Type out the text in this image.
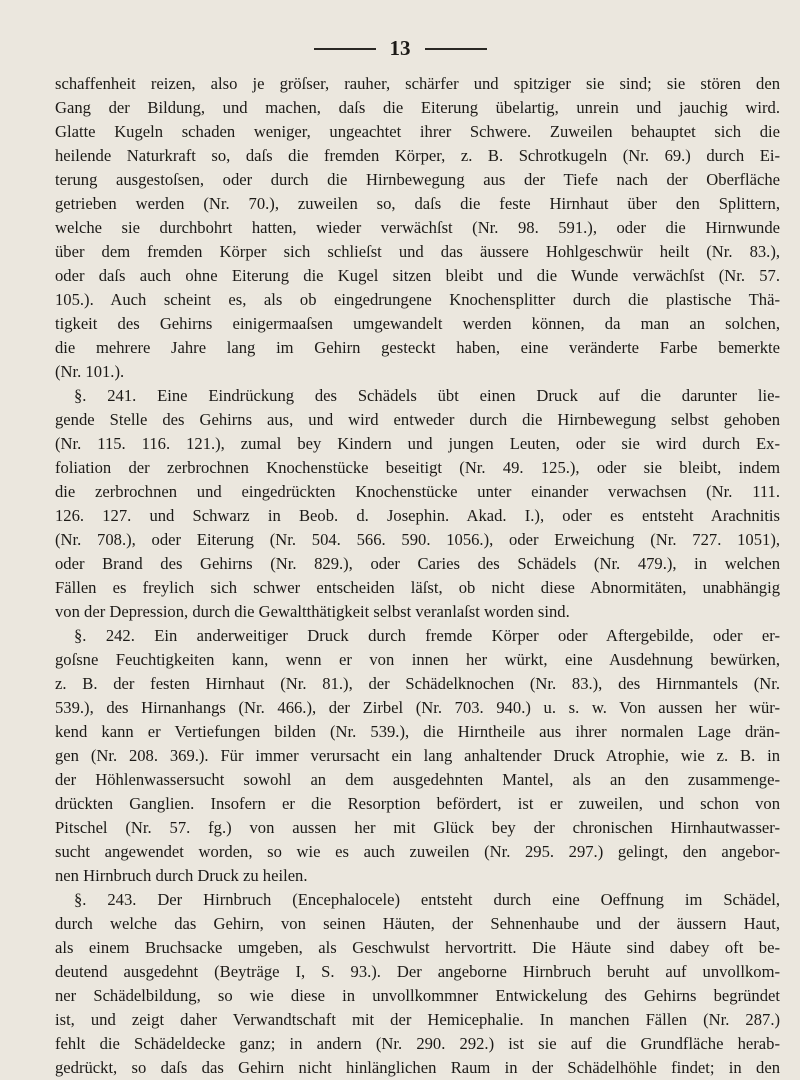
13
schaffenheit reizen, also je gröſser, rauher, schärfer und spitziger sie sind; sie stören den
Gang der Bildung, und machen, daſs die Eiterung übelartig, unrein und jauchig wird.
Glatte Kugeln schaden weniger, ungeachtet ihrer Schwere. Zuweilen behauptet sich die
heilende Naturkraft so, daſs die fremden Körper, z. B. Schrotkugeln (Nr. 69.) durch Ei-
terung ausgestoſsen, oder durch die Hirnbewegung aus der Tiefe nach der Oberfläche
getrieben werden (Nr. 70.), zuweilen so, daſs die feste Hirnhaut über den Splittern,
welche sie durchbohrt hatten, wieder verwächſst (Nr. 98. 591.), oder die Hirnwunde
über dem fremden Körper sich schlieſst und das äussere Hohlgeschwür heilt (Nr. 83.),
oder daſs auch ohne Eiterung die Kugel sitzen bleibt und die Wunde verwächſst (Nr. 57.
105.). Auch scheint es, als ob eingedrungene Knochensplitter durch die plastische Thä-
tigkeit des Gehirns einigermaaſsen umgewandelt werden können, da man an solchen,
die mehrere Jahre lang im Gehirn gesteckt haben, eine veränderte Farbe bemerkte
(Nr. 101.).
§. 241. Eine Eindrückung des Schädels übt einen Druck auf die darunter lie-
gende Stelle des Gehirns aus, und wird entweder durch die Hirnbewegung selbst gehoben
(Nr. 115. 116. 121.), zumal bey Kindern und jungen Leuten, oder sie wird durch Ex-
foliation der zerbrochnen Knochenstücke beseitigt (Nr. 49. 125.), oder sie bleibt, indem
die zerbrochnen und eingedrückten Knochenstücke unter einander verwachsen (Nr. 111.
126. 127. und Schwarz in Beob. d. Josephin. Akad. I.), oder es entsteht Arachnitis
(Nr. 708.), oder Eiterung (Nr. 504. 566. 590. 1056.), oder Erweichung (Nr. 727. 1051),
oder Brand des Gehirns (Nr. 829.), oder Caries des Schädels (Nr. 479.), in welchen
Fällen es freylich sich schwer entscheiden läſst, ob nicht diese Abnormitäten, unabhängig
von der Depression, durch die Gewaltthätigkeit selbst veranlaſst worden sind.
§. 242. Ein anderweitiger Druck durch fremde Körper oder Aftergebilde, oder er-
goſsne Feuchtigkeiten kann, wenn er von innen her würkt, eine Ausdehnung bewürken,
z. B. der festen Hirnhaut (Nr. 81.), der Schädelknochen (Nr. 83.), des Hirnmantels (Nr.
539.), des Hirnanhangs (Nr. 466.), der Zirbel (Nr. 703. 940.) u. s. w. Von aussen her wür-
kend kann er Vertiefungen bilden (Nr. 539.), die Hirntheile aus ihrer normalen Lage drän-
gen (Nr. 208. 369.). Für immer verursacht ein lang anhaltender Druck Atrophie, wie z. B. in
der Höhlenwassersucht sowohl an dem ausgedehnten Mantel, als an den zusammenge-
drückten Ganglien. Insofern er die Resorption befördert, ist er zuweilen, und schon von
Pitschel (Nr. 57. fg.) von aussen her mit Glück bey der chronischen Hirnhautwasser-
sucht angewendet worden, so wie es auch zuweilen (Nr. 295. 297.) gelingt, den angebor-
nen Hirnbruch durch Druck zu heilen.
§. 243. Der Hirnbruch (Encephalocele) entsteht durch eine Oeffnung im Schädel,
durch welche das Gehirn, von seinen Häuten, der Sehnenhaube und der äussern Haut,
als einem Bruchsacke umgeben, als Geschwulst hervortritt. Die Häute sind dabey oft be-
deutend ausgedehnt (Beyträge I, S. 93.). Der angeborne Hirnbruch beruht auf unvollkom-
ner Schädelbildung, so wie diese in unvollkommner Entwickelung des Gehirns begründet
ist, und zeigt daher Verwandtschaft mit der Hemicephalie. In manchen Fällen (Nr. 287.)
fehlt die Schädeldecke ganz; in andern (Nr. 290. 292.) ist sie auf die Grundfläche herab-
gedrückt, so daſs das Gehirn nicht hinlänglichen Raum in der Schädelhöhle findet; in den
